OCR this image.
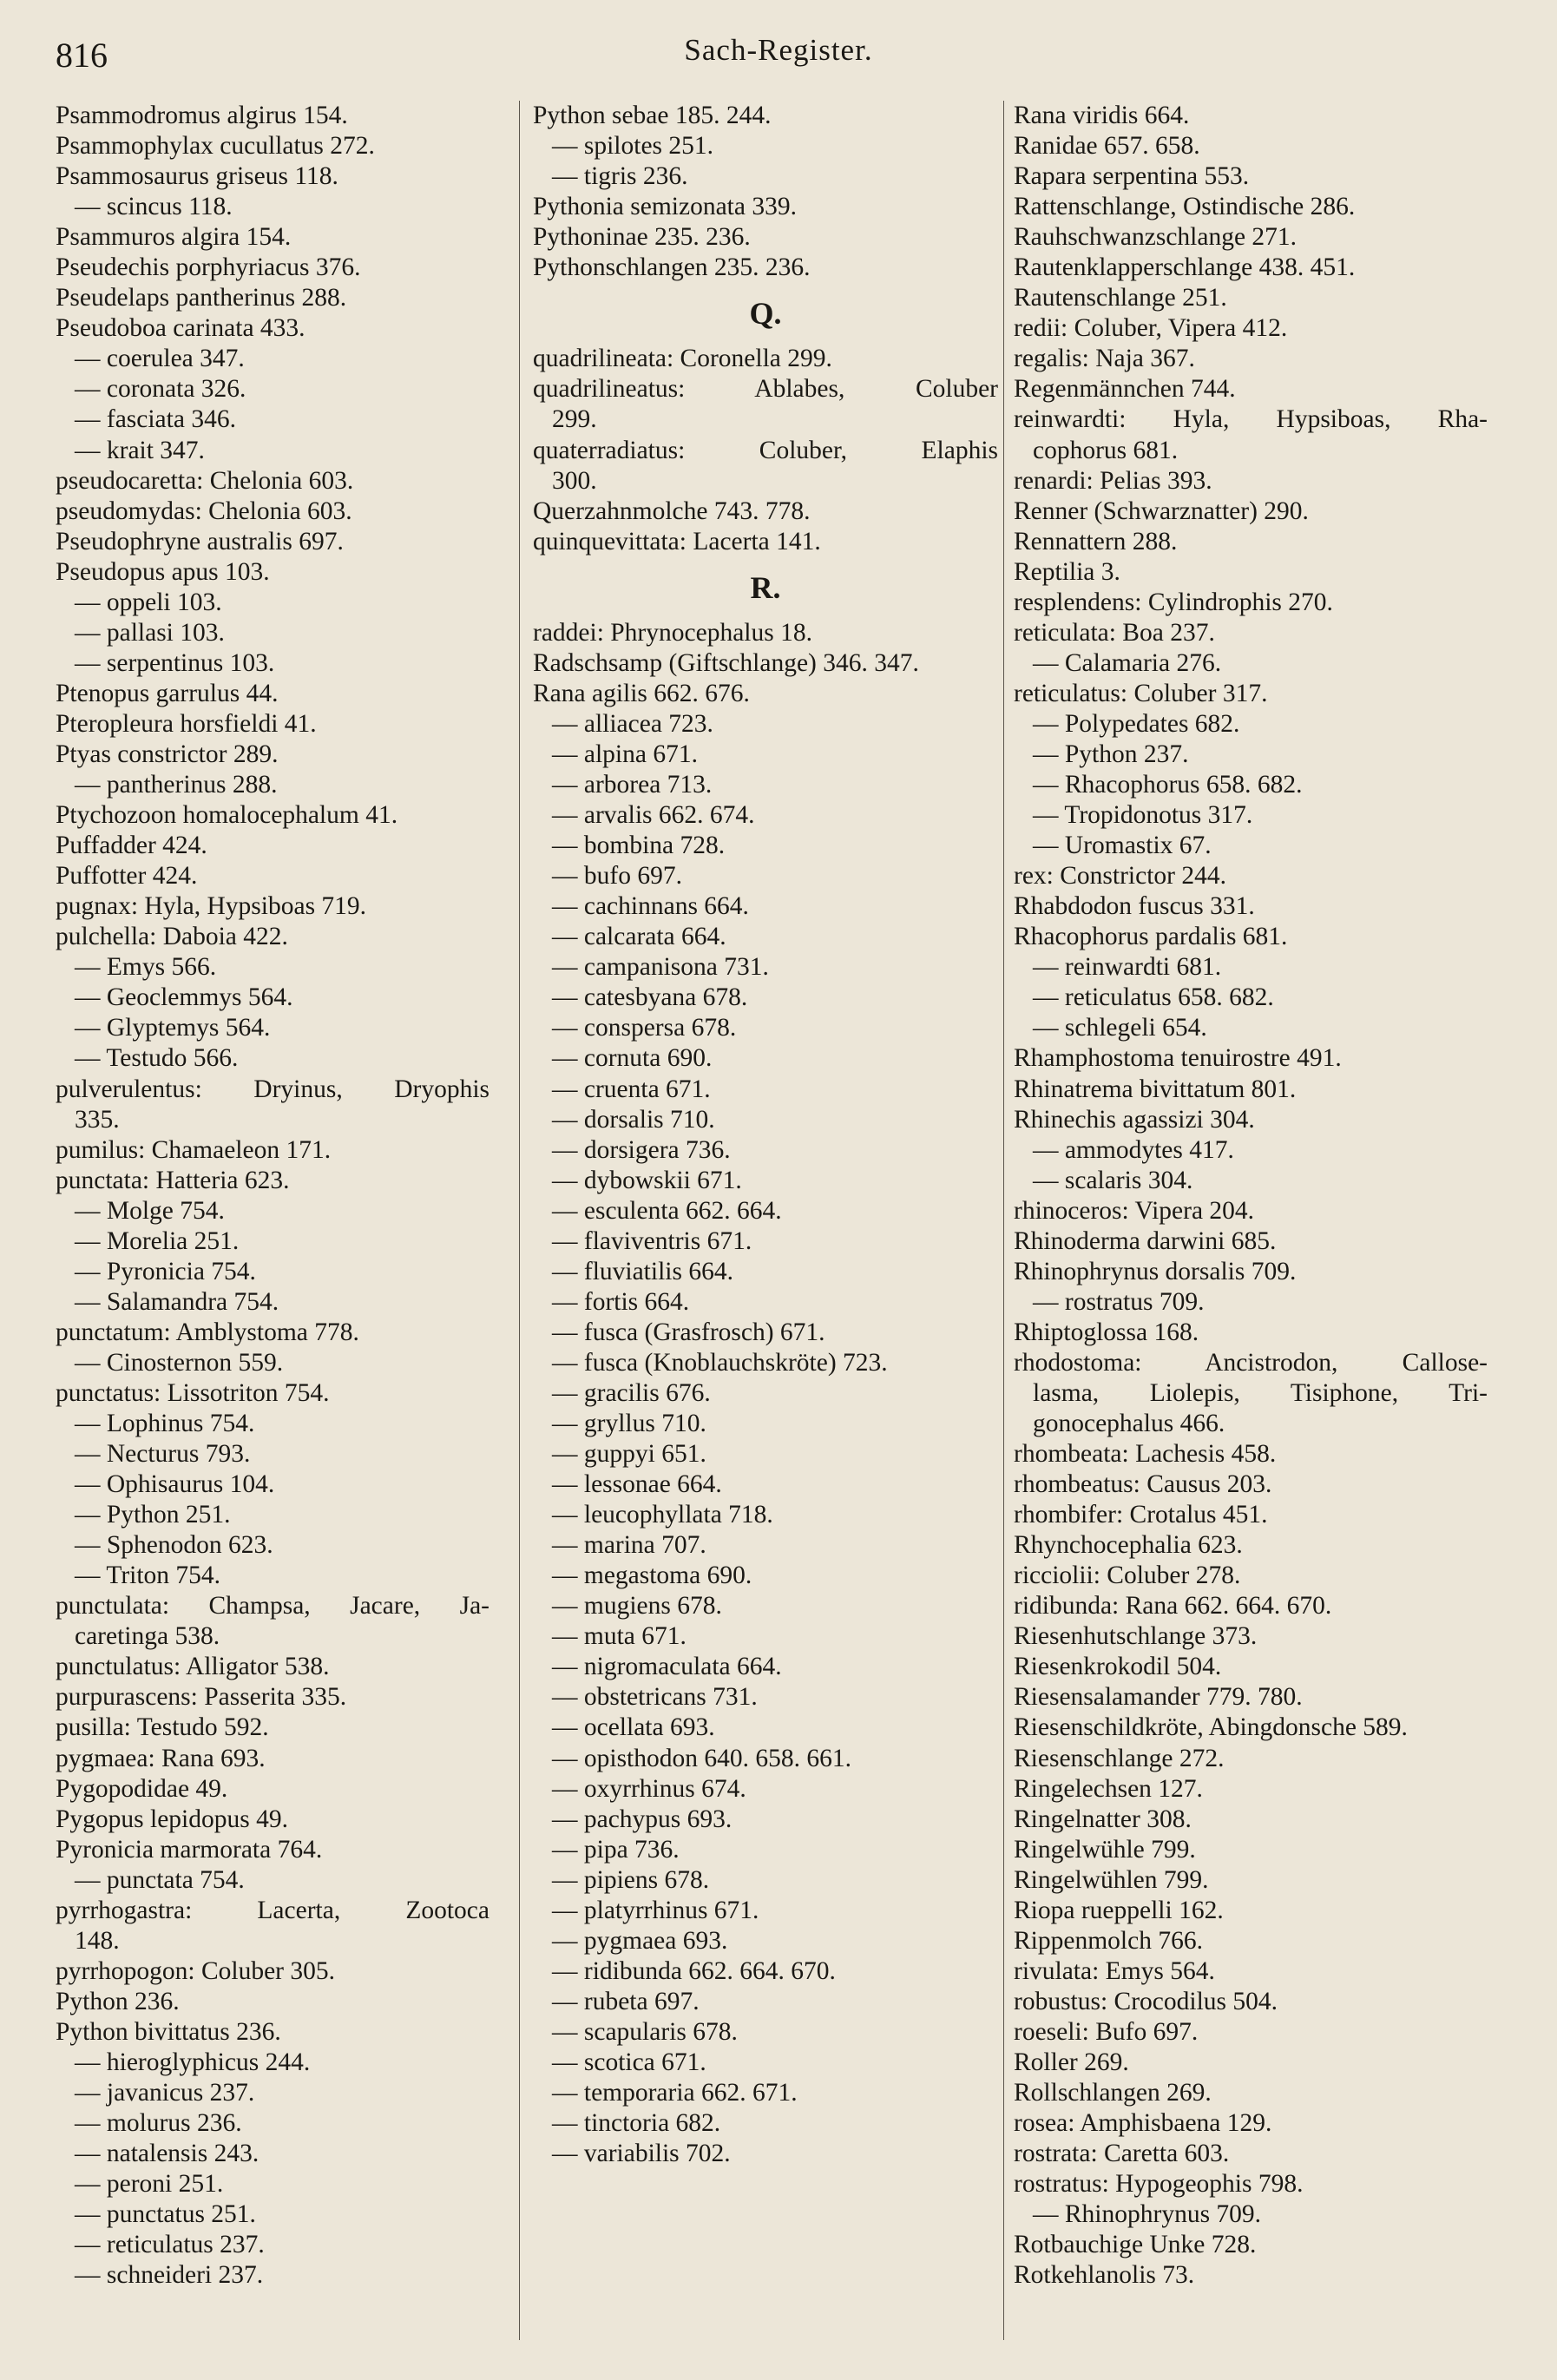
816	Sach-Register.
Psammodromus algirus 154.
Psammophylax cucullatus 272.
Psammosaurus griseus 118.
— scincus 118.
Psammuros algira 154.
Pseudechis porphyriacus 376.
Pseudelaps pantherinus 288.
Pseudoboa carinata 433.
— coerulea 347.
— coronata 326.
— fasciata 346.
— krait 347.
pseudocaretta: Chelonia 603.
pseudomydas: Chelonia 603.
Pseudophryne australis 697.
Pseudopus apus 103.
— oppeli 103.
— pallasi 103.
— serpentinus 103.
Ptenopus garrulus 44.
Pteropleura horsfieldi 41.
Ptyas constrictor 289.
— pantherinus 288.
Ptychozoon homalocephalum 41.
Puffadder 424.
Puffotter 424.
pugnax: Hyla, Hypsiboas 719.
pulchella: Daboia 422.
— Emys 566.
— Geoclemmys 564.
— Glyptemys 564.
— Testudo 566.
pulverulentus: Dryinus, Dryophis
335.
pumilus: Chamaeleon 171.
punctata: Hatteria 623.
— Molge 754.
— Morelia 251.
— Pyronicia 754.
— Salamandra 754.
punctatum: Amblystoma 778.
— Cinosternon 559.
punctatus: Lissotriton 754.
— Lophinus 754.
— Necturus 793.
— Ophisaurus 104.
— Python 251.
— Sphenodon 623.
— Triton 754.
punctulata: Champsa, Jacare, Ja-
caretinga 538.
punctulatus: Alligator 538.
purpurascens: Passerita 335.
pusilla: Testudo 592.
pygmaea: Rana 693.
Pygopodidae 49.
Pygopus lepidopus 49.
Pyronicia marmorata 764.
— punctata 754.
pyrrhogastra: Lacerta, Zootoca
148.
pyrrhopogon: Coluber 305.
Python 236.
Python bivittatus 236.
— hieroglyphicus 244.
— javanicus 237.
— molurus 236.
— natalensis 243.
— peroni 251.
— punctatus 251.
— reticulatus 237.
— schneideri 237.
Python sebae 185. 244.
— spilotes 251.
— tigris 236.
Pythonia semizonata 339.
Pythoninae 235. 236.
Pythonschlangen 235. 236.
Q.
quadrilineata: Coronella 299.
quadrilineatus: Ablabes, Coluber
299.
quaterradiatus: Coluber, Elaphis
300.
Querzahnmolche 743. 778.
quinquevittata: Lacerta 141.
R.
raddei: Phrynocephalus 18.
Radschsamp (Giftschlange) 346. 347.
Rana agilis 662. 676.
— alliacea 723.
— alpina 671.
— arborea 713.
— arvalis 662. 674.
— bombina 728.
— bufo 697.
— cachinnans 664.
— calcarata 664.
— campanisona 731.
— catesbyana 678.
— conspersa 678.
— cornuta 690.
— cruenta 671.
— dorsalis 710.
— dorsigera 736.
— dybowskii 671.
— esculenta 662. 664.
— flaviventris 671.
— fluviatilis 664.
— fortis 664.
— fusca (Grasfrosch) 671.
— fusca (Knoblauchskröte) 723.
— gracilis 676.
— gryllus 710.
— guppyi 651.
— lessonae 664.
— leucophyllata 718.
— marina 707.
— megastoma 690.
— mugiens 678.
— muta 671.
— nigromaculata 664.
— obstetricans 731.
— ocellata 693.
— opisthodon 640. 658. 661.
— oxyrrhinus 674.
— pachypus 693.
— pipa 736.
— pipiens 678.
— platyrrhinus 671.
— pygmaea 693.
— ridibunda 662. 664. 670.
— rubeta 697.
— scapularis 678.
— scotica 671.
— temporaria 662. 671.
— tinctoria 682.
— variabilis 702.
Rana viridis 664.
Ranidae 657. 658.
Rapara serpentina 553.
Rattenschlange, Ostindische 286.
Rauhschwanzschlange 271.
Rautenklapperschlange 438. 451.
Rautenschlange 251.
redii: Coluber, Vipera 412.
regalis: Naja 367.
Regenmännchen 744.
reinwardti: Hyla, Hypsiboas, Rha-
cophorus 681.
renardi: Pelias 393.
Renner (Schwarznatter) 290.
Rennattern 288.
Reptilia 3.
resplendens: Cylindrophis 270.
reticulata: Boa 237.
— Calamaria 276.
reticulatus: Coluber 317.
— Polypedates 682.
— Python 237.
— Rhacophorus 658. 682.
— Tropidonotus 317.
— Uromastix 67.
rex: Constrictor 244.
Rhabdodon fuscus 331.
Rhacophorus pardalis 681.
— reinwardti 681.
— reticulatus 658. 682.
— schlegeli 654.
Rhamphostoma tenuirostre 491.
Rhinatrema bivittatum 801.
Rhinechis agassizi 304.
— ammodytes 417.
— scalaris 304.
rhinoceros: Vipera 204.
Rhinoderma darwini 685.
Rhinophrynus dorsalis 709.
— rostratus 709.
Rhiptoglossa 168.
rhodostoma: Ancistrodon, Callose-
lasma, Liolepis, Tisiphone, Tri-
gonocephalus 466.
rhombeata: Lachesis 458.
rhombeatus: Causus 203.
rhombifer: Crotalus 451.
Rhynchocephalia 623.
ricciolii: Coluber 278.
ridibunda: Rana 662. 664. 670.
Riesenhutschlange 373.
Riesenkrokodil 504.
Riesensalamander 779. 780.
Riesenschildkröte, Abingdonsche 589.
Riesenschlange 272.
Ringelechsen 127.
Ringelnatter 308.
Ringelwühle 799.
Ringelwühlen 799.
Riopa rueppelli 162.
Rippenmolch 766.
rivulata: Emys 564.
robustus: Crocodilus 504.
roeseli: Bufo 697.
Roller 269.
Rollschlangen 269.
rosea: Amphisbaena 129.
rostrata: Caretta 603.
rostratus: Hypogeophis 798.
— Rhinophrynus 709.
Rotbauchige Unke 728.
Rotkehlanolis 73.
